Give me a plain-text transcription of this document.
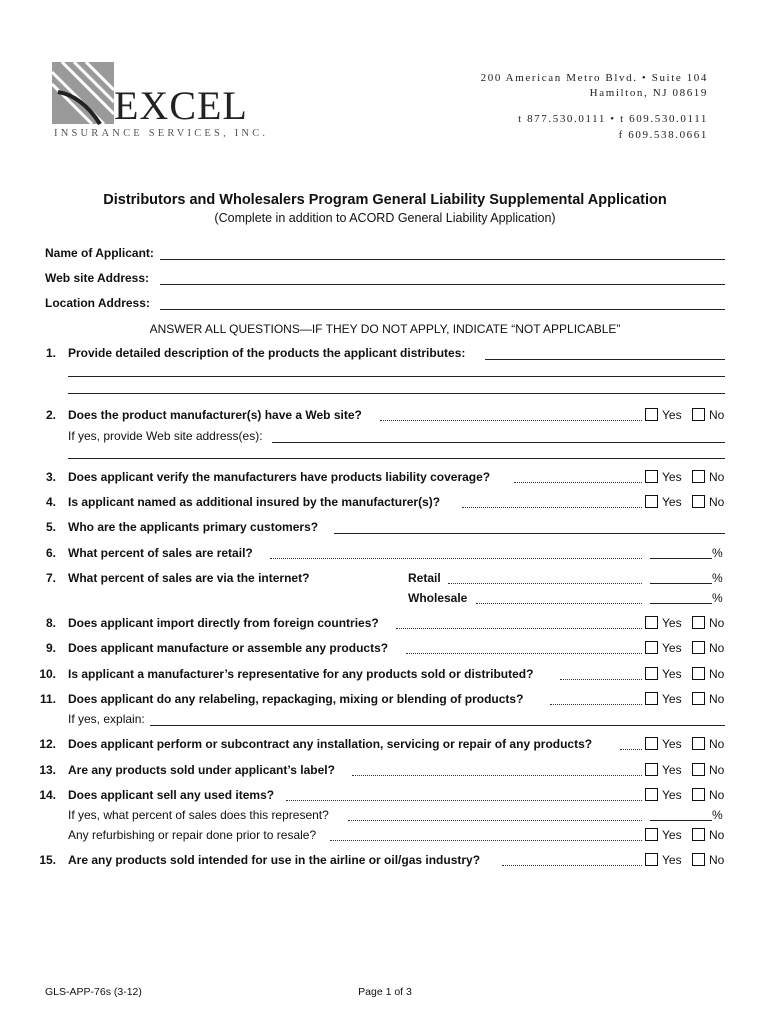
EXCEL
INSURANCE SERVICES, INC.
200 American Metro Blvd. • Suite 104
Hamilton, NJ 08619
t 877.530.0111 • t 609.530.0111
f 609.538.0661
Distributors and Wholesalers Program General Liability Supplemental Application
(Complete in addition to ACORD General Liability Application)
Name of Applicant:
Web site Address:
Location Address:
ANSWER ALL QUESTIONS—IF THEY DO NOT APPLY, INDICATE “NOT APPLICABLE”
1. Provide detailed description of the products the applicant distributes:
2. Does the product manufacturer(s) have a Web site?	Yes No
If yes, provide Web site address(es):
3. Does applicant verify the manufacturers have products liability coverage?	Yes No
4. Is applicant named as additional insured by the manufacturer(s)?	Yes No
5. Who are the applicants primary customers?
6. What percent of sales are retail?	%
7. What percent of sales are via the internet?	Retail	%
Wholesale	%
8. Does applicant import directly from foreign countries?	Yes No
9. Does applicant manufacture or assemble any products?	Yes No
10. Is applicant a manufacturer’s representative for any products sold or distributed?	Yes No
11. Does applicant do any relabeling, repackaging, mixing or blending of products?	Yes No
If yes, explain:
12. Does applicant perform or subcontract any installation, servicing or repair of any products?	Yes No
13. Are any products sold under applicant’s label?	Yes No
14. Does applicant sell any used items?	Yes No
If yes, what percent of sales does this represent?	%
Any refurbishing or repair done prior to resale?	Yes No
15. Are any products sold intended for use in the airline or oil/gas industry?	Yes No
GLS-APP-76s (3-12)	Page 1 of 3
